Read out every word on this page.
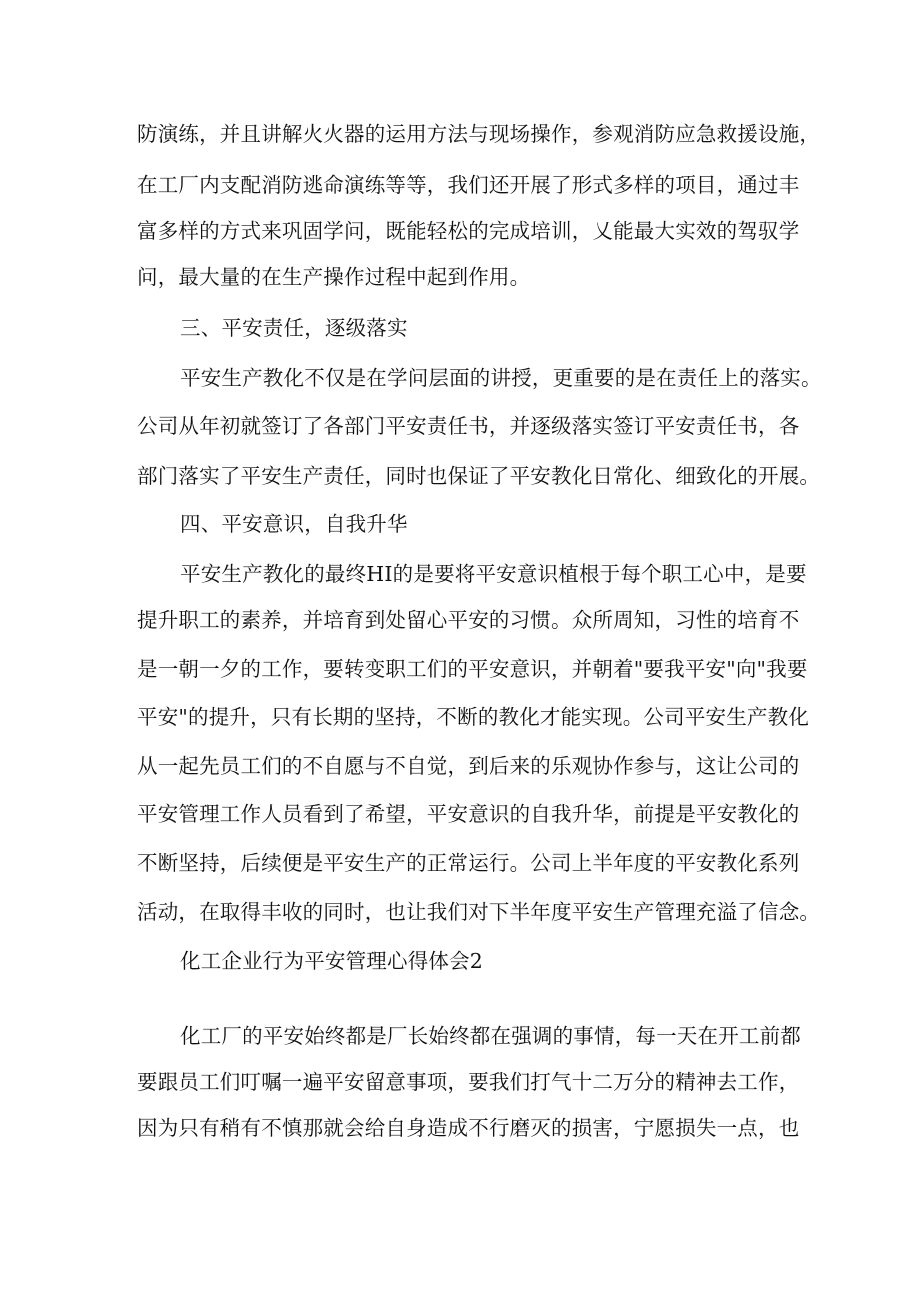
防演练，并且讲解火火器的运用方法与现场操作，参观消防应急救援设施，
在工厂内支配消防逃命演练等等，我们还开展了形式多样的项目，通过丰
富多样的方式来巩固学问，既能轻松的完成培训，乂能最大实效的驾驭学
问，最大量的在生产操作过程中起到作用。
三、平安责任，逐级落实
平安生产教化不仅是在学问层面的讲授，更重要的是在责任上的落实。
公司从年初就签订了各部门平安责任书，并逐级落实签订平安责任书，各
部门落实了平安生产责任，同时也保证了平安教化日常化、细致化的开展。
四、平安意识，自我升华
平安生产教化的最终HI的是要将平安意识植根于每个职工心中，是要
提升职工的素养，并培育到处留心平安的习惯。众所周知，习性的培育不
是一朝一夕的工作，要转变职工们的平安意识，并朝着"要我平安"向"我要
平安"的提升，只有长期的坚持，不断的教化才能实现。公司平安生产教化
从一起先员工们的不自愿与不自觉，到后来的乐观协作参与，这让公司的
平安管理工作人员看到了希望，平安意识的自我升华，前提是平安教化的
不断坚持，后续便是平安生产的正常运行。公司上半年度的平安教化系列
活动，在取得丰收的同时，也让我们对下半年度平安生产管理充溢了信念。
化工企业行为平安管理心得体会2
化工厂的平安始终都是厂长始终都在强调的事情，每一天在开工前都
要跟员工们叮嘱一遍平安留意事项，要我们打气十二万分的精神去工作，
因为只有稍有不慎那就会给自身造成不行磨灭的损害，宁愿损失一点，也
